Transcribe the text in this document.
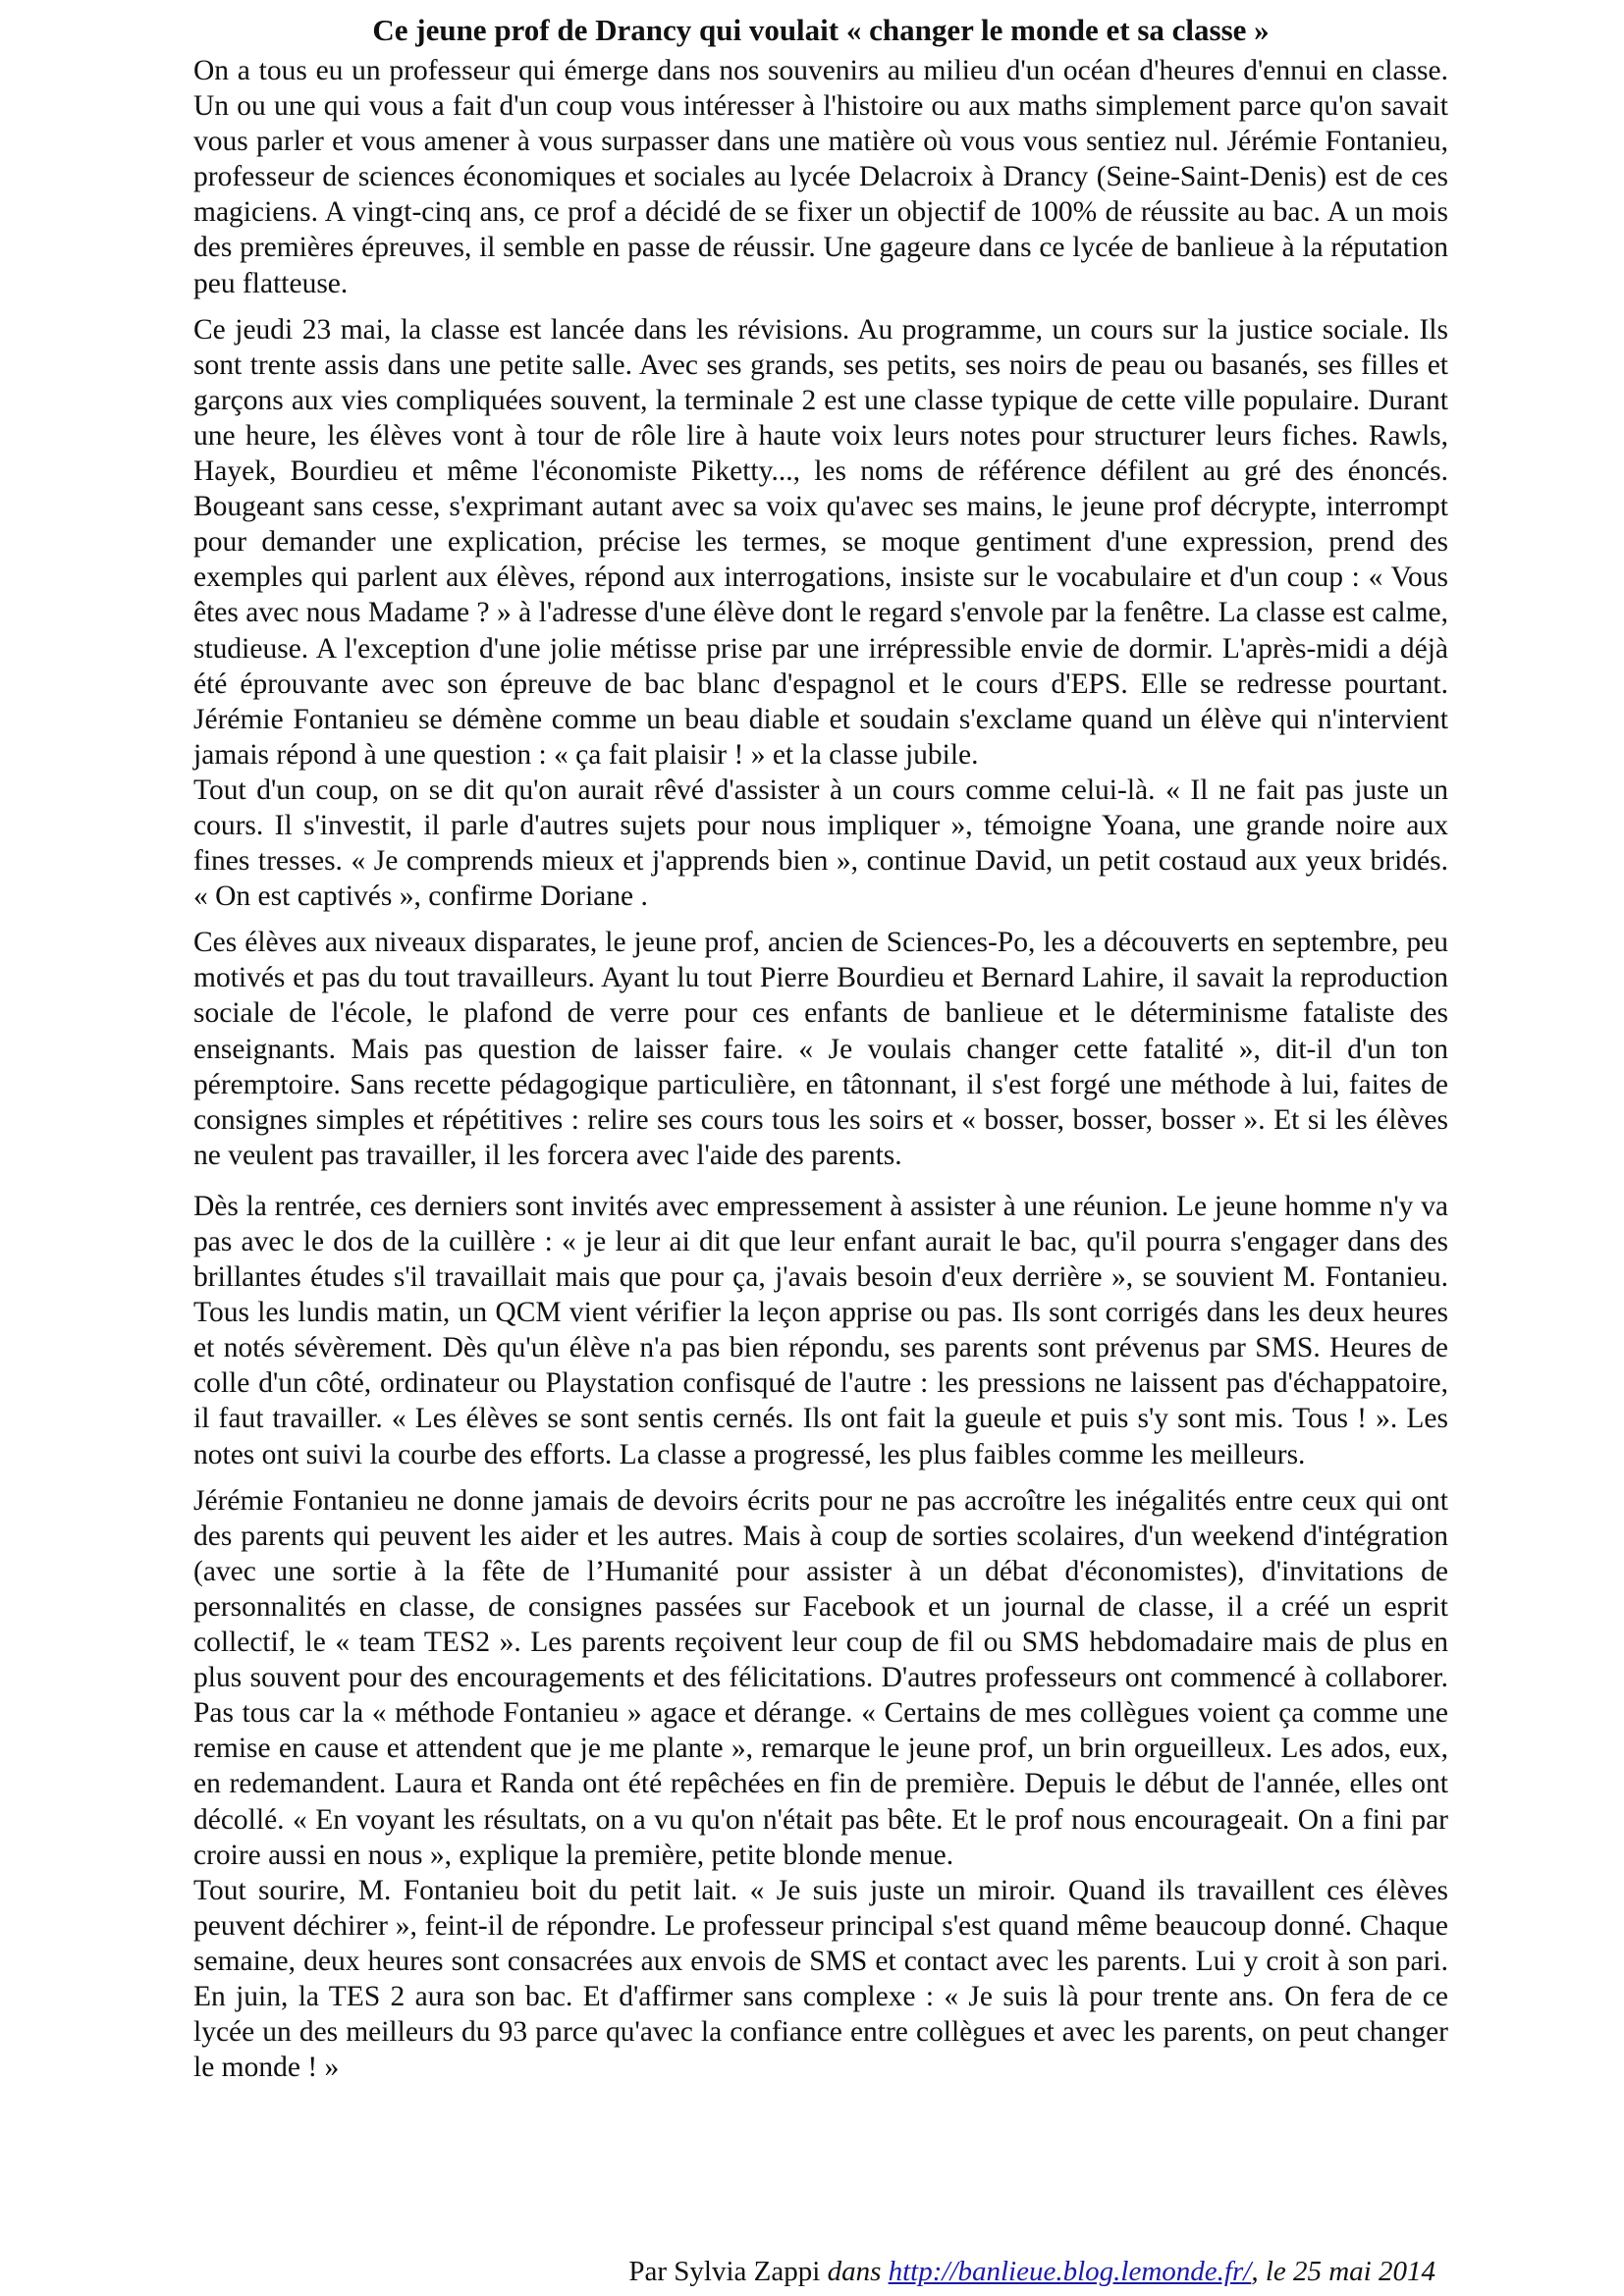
Ce jeune prof de Drancy qui voulait « changer le monde et sa classe »

On a tous eu un professeur qui émerge dans nos souvenirs au milieu d'un océan d'heures d'ennui en classe. Un ou une qui vous a fait d'un coup vous intéresser à l'histoire ou aux maths simplement parce qu'on savait vous parler et vous amener à vous surpasser dans une matière où vous vous sentiez nul. Jérémie Fontanieu, professeur de sciences économiques et sociales au lycée Delacroix à Drancy (Seine-Saint-Denis) est de ces magiciens. A vingt-cinq ans, ce prof a décidé de se fixer un objectif de 100% de réussite au bac. A un mois des premières épreuves, il semble en passe de réussir. Une gageure dans ce lycée de banlieue à la réputation peu flatteuse.

Ce jeudi 23 mai, la classe est lancée dans les révisions. Au programme, un cours sur la justice sociale. Ils sont trente assis dans une petite salle. Avec ses grands, ses petits, ses noirs de peau ou basanés, ses filles et garçons aux vies compliquées souvent, la terminale 2 est une classe typique de cette ville populaire. Durant une heure, les élèves vont à tour de rôle lire à haute voix leurs notes pour structurer leurs fiches. Rawls, Hayek, Bourdieu et même l'économiste Piketty..., les noms de référence défilent au gré des énoncés. Bougeant sans cesse, s'exprimant autant avec sa voix qu'avec ses mains, le jeune prof décrypte, interrompt pour demander une explication, précise les termes, se moque gentiment d'une expression, prend des exemples qui parlent aux élèves, répond aux interrogations, insiste sur le vocabulaire et d'un coup : « Vous êtes avec nous Madame ? » à l'adresse d'une élève dont le regard s'envole par la fenêtre. La classe est calme, studieuse. A l'exception d'une jolie métisse prise par une irrépressible envie de dormir. L'après-midi a déjà été éprouvante avec son épreuve de bac blanc d'espagnol et le cours d'EPS. Elle se redresse pourtant. Jérémie Fontanieu se démène comme un beau diable et soudain s'exclame quand un élève qui n'intervient jamais répond à une question : « ça fait plaisir ! » et la classe jubile.

Tout d'un coup, on se dit qu'on aurait rêvé d'assister à un cours comme celui-là. « Il ne fait pas juste un cours. Il s'investit, il parle d'autres sujets pour nous impliquer », témoigne Yoana, une grande noire aux fines tresses. « Je comprends mieux et j'apprends bien », continue David, un petit costaud aux yeux bridés. « On est captivés », confirme Doriane .

Ces élèves aux niveaux disparates, le jeune prof, ancien de Sciences-Po, les a découverts en septembre, peu motivés et pas du tout travailleurs. Ayant lu tout Pierre Bourdieu et Bernard Lahire, il savait la reproduction sociale de l'école, le plafond de verre pour ces enfants de banlieue et le déterminisme fataliste des enseignants. Mais pas question de laisser faire. « Je voulais changer cette fatalité », dit-il d'un ton péremptoire. Sans recette pédagogique particulière, en tâtonnant, il s'est forgé une méthode à lui, faites de consignes simples et répétitives : relire ses cours tous les soirs et « bosser, bosser, bosser ». Et si les élèves ne veulent pas travailler, il les forcera avec l'aide des parents.

Dès la rentrée, ces derniers sont invités avec empressement à assister à une réunion. Le jeune homme n'y va pas avec le dos de la cuillère : « je leur ai dit que leur enfant aurait le bac, qu'il pourra s'engager dans des brillantes études s'il travaillait mais que pour ça, j'avais besoin d'eux derrière », se souvient M. Fontanieu. Tous les lundis matin, un QCM vient vérifier la leçon apprise ou pas. Ils sont corrigés dans les deux heures et notés sévèrement. Dès qu'un élève n'a pas bien répondu, ses parents sont prévenus par SMS. Heures de colle d'un côté, ordinateur ou Playstation confisqué de l'autre : les pressions ne laissent pas d'échappatoire, il faut travailler. « Les élèves se sont sentis cernés. Ils ont fait la gueule et puis s'y sont mis. Tous ! ». Les notes ont suivi la courbe des efforts. La classe a progressé, les plus faibles comme les meilleurs.

Jérémie Fontanieu ne donne jamais de devoirs écrits pour ne pas accroître les inégalités entre ceux qui ont des parents qui peuvent les aider et les autres. Mais à coup de sorties scolaires, d'un weekend d'intégration (avec une sortie à la fête de l’Humanité pour assister à un débat d'économistes), d'invitations de personnalités en classe, de consignes passées sur Facebook et un journal de classe, il a créé un esprit collectif, le « team TES2 ». Les parents reçoivent leur coup de fil ou SMS hebdomadaire mais de plus en plus souvent pour des encouragements et des félicitations. D'autres professeurs ont commencé à collaborer. Pas tous car la « méthode Fontanieu » agace et dérange. « Certains de mes collègues voient ça comme une remise en cause et attendent que je me plante », remarque le jeune prof, un brin orgueilleux. Les ados, eux, en redemandent. Laura et Randa ont été repêchées en fin de première. Depuis le début de l'année, elles ont décollé. « En voyant les résultats, on a vu qu'on n'était pas bête. Et le prof nous encourageait. On a fini par croire aussi en nous », explique la première, petite blonde menue.

Tout sourire, M. Fontanieu boit du petit lait. « Je suis juste un miroir. Quand ils travaillent ces élèves peuvent déchirer », feint-il de répondre. Le professeur principal s'est quand même beaucoup donné. Chaque semaine, deux heures sont consacrées aux envois de SMS et contact avec les parents. Lui y croit à son pari. En juin, la TES 2 aura son bac. Et d'affirmer sans complexe : « Je suis là pour trente ans. On fera de ce lycée un des meilleurs du 93 parce qu'avec la confiance entre collègues et avec les parents, on peut changer le monde ! »

Par Sylvia Zappi dans http://banlieue.blog.lemonde.fr/, le 25 mai 2014
